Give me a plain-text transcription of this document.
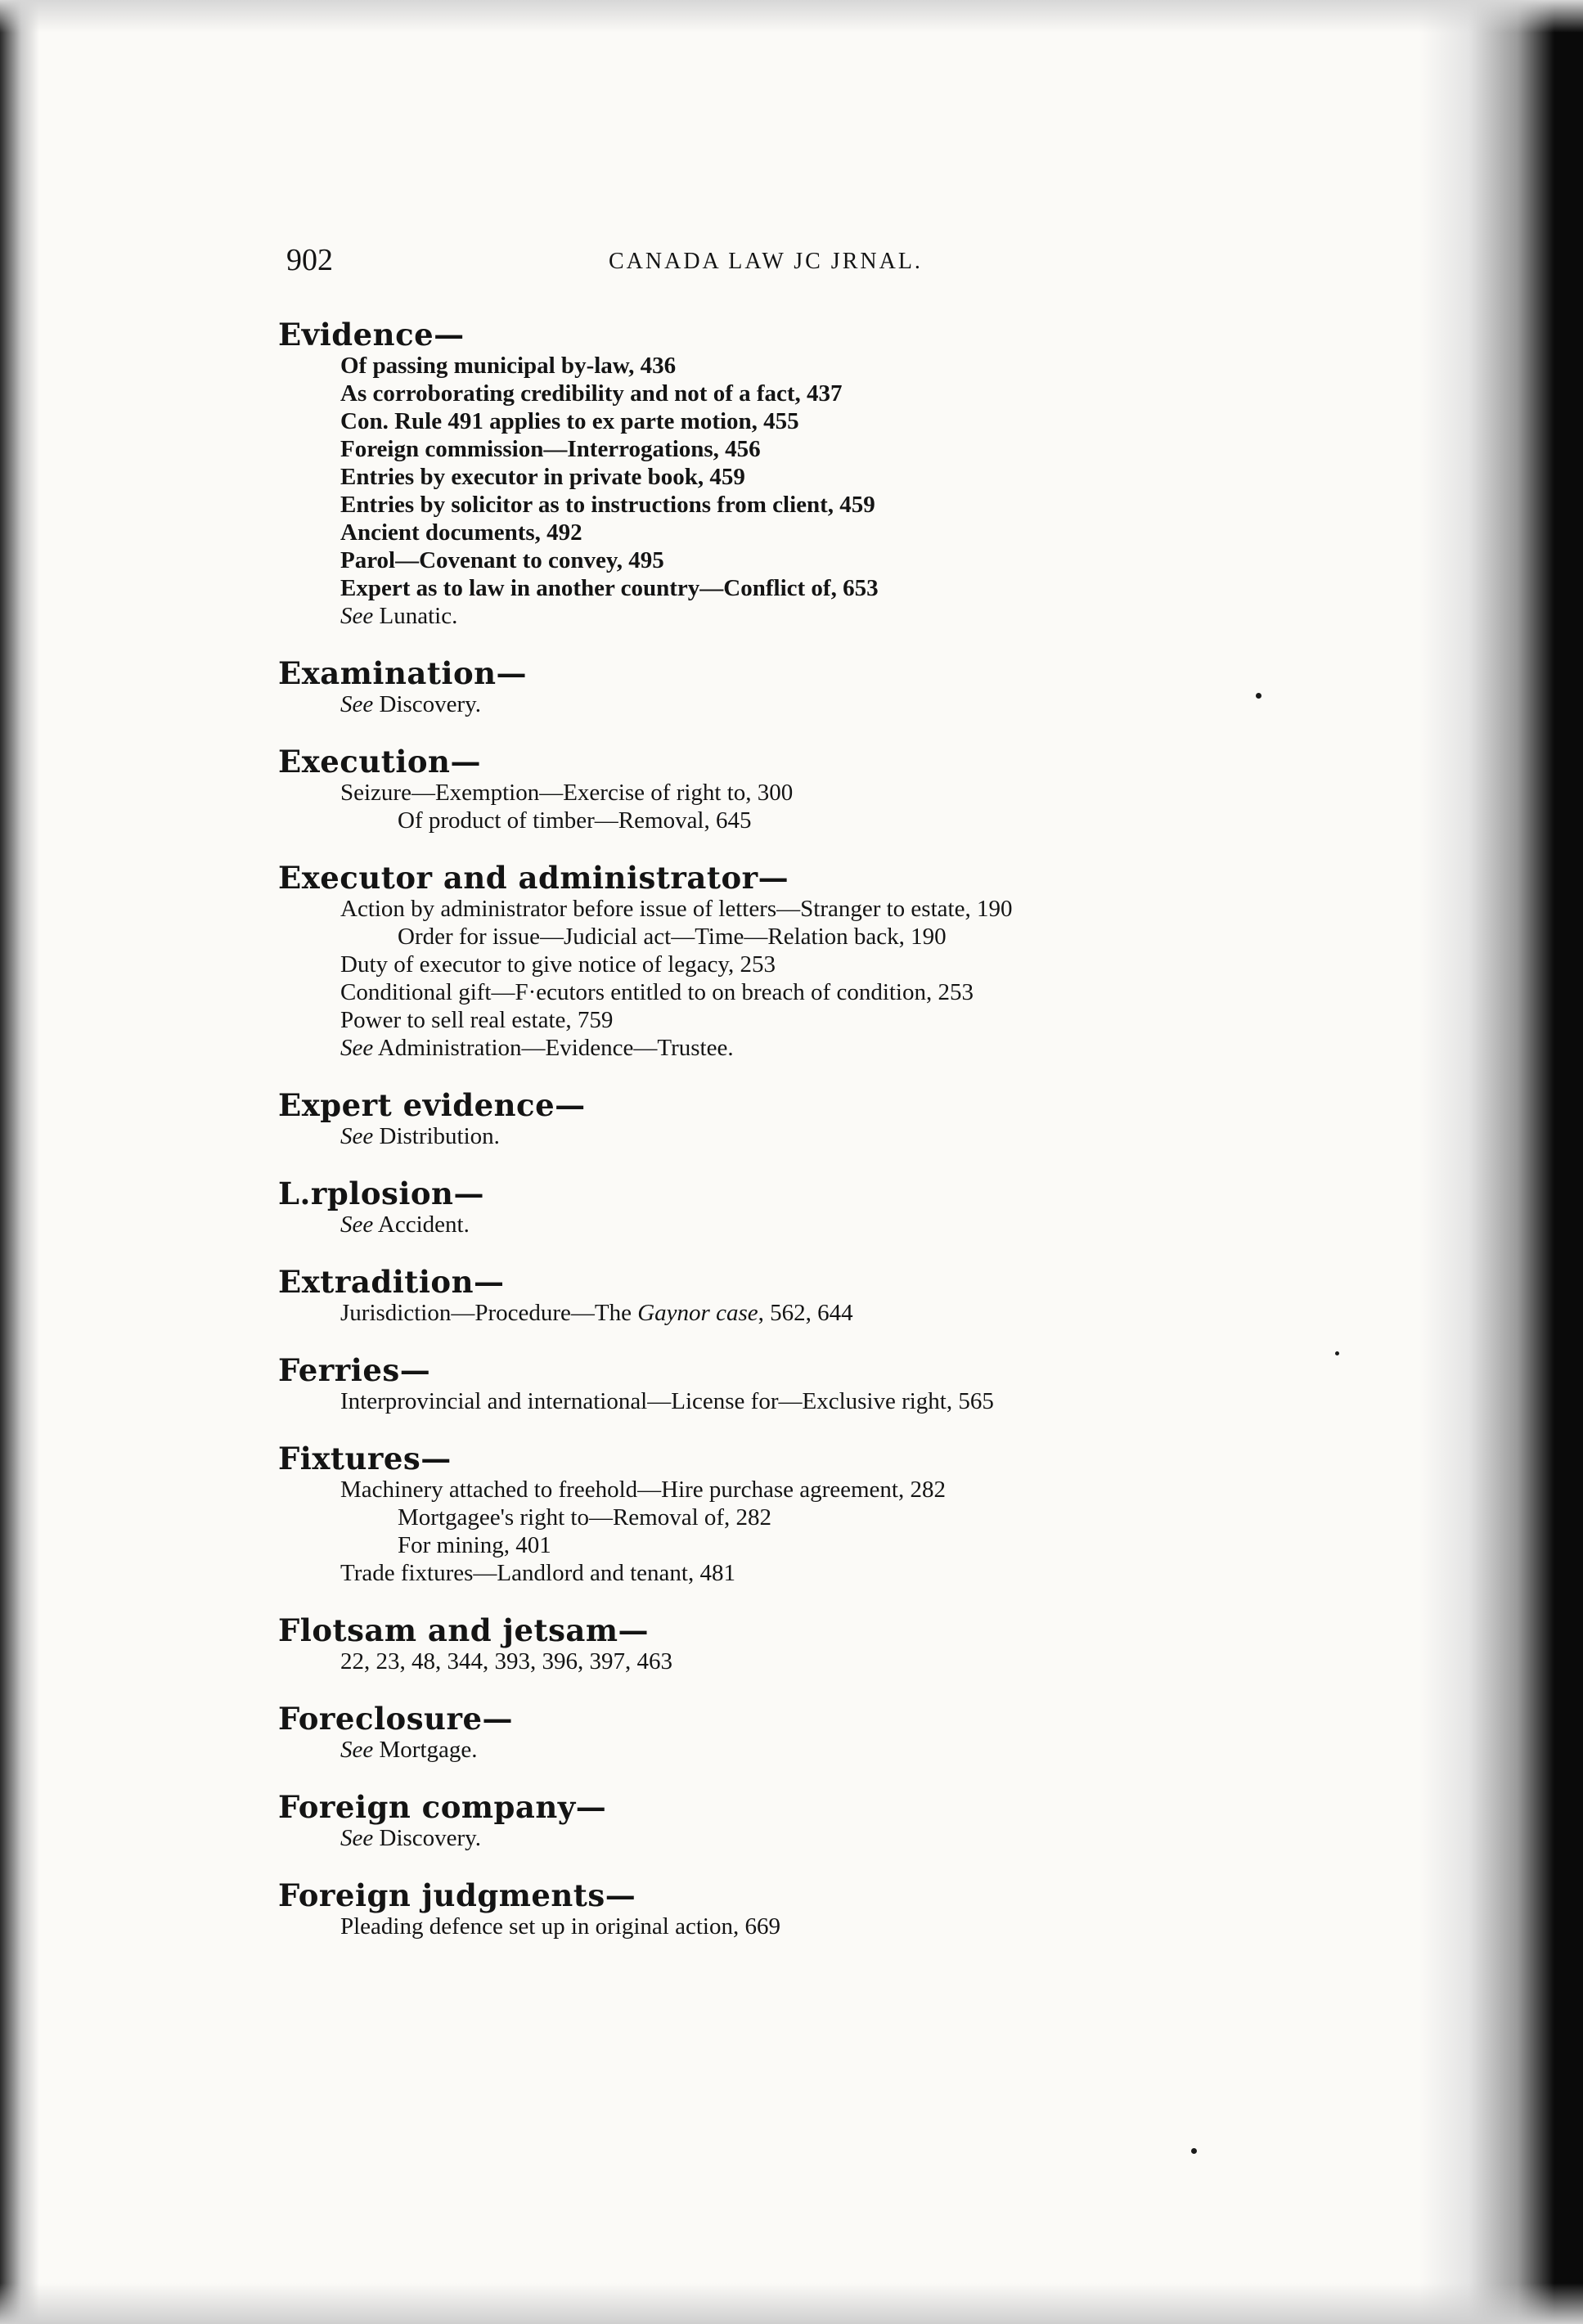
902	CANADA LAW JC JRNAL.
Evidence—
Of passing municipal by-law, 436
As corroborating credibility and not of a fact, 437
Con. Rule 491 applies to ex parte motion, 455
Foreign commission—Interrogations, 456
Entries by executor in private book, 459
Entries by solicitor as to instructions from client, 459
Ancient documents, 492
Parol—Covenant to convey, 495
Expert as to law in another country—Conflict of, 653
See Lunatic.
Examination—
See Discovery.
Execution—
Seizure—Exemption—Exercise of right to, 300
Of product of timber—Removal, 645
Executor and administrator—
Action by administrator before issue of letters—Stranger to estate, 190
Order for issue—Judicial act—Time—Relation back, 190
Duty of executor to give notice of legacy, 253
Conditional gift—F·ecutors entitled to on breach of condition, 253
Power to sell real estate, 759
See Administration—Evidence—Trustee.
Expert evidence—
See Distribution.
L.rplosion—
See Accident.
Extradition—
Jurisdiction—Procedure—The Gaynor case, 562, 644
Ferries—
Interprovincial and international—License for—Exclusive right, 565
Fixtures—
Machinery attached to freehold—Hire purchase agreement, 282
Mortgagee's right to—Removal of, 282
For mining, 401
Trade fixtures—Landlord and tenant, 481
Flotsam and jetsam—
22, 23, 48, 344, 393, 396, 397, 463
Foreclosure—
See Mortgage.
Foreign company—
See Discovery.
Foreign judgments—
Pleading defence set up in original action, 669
